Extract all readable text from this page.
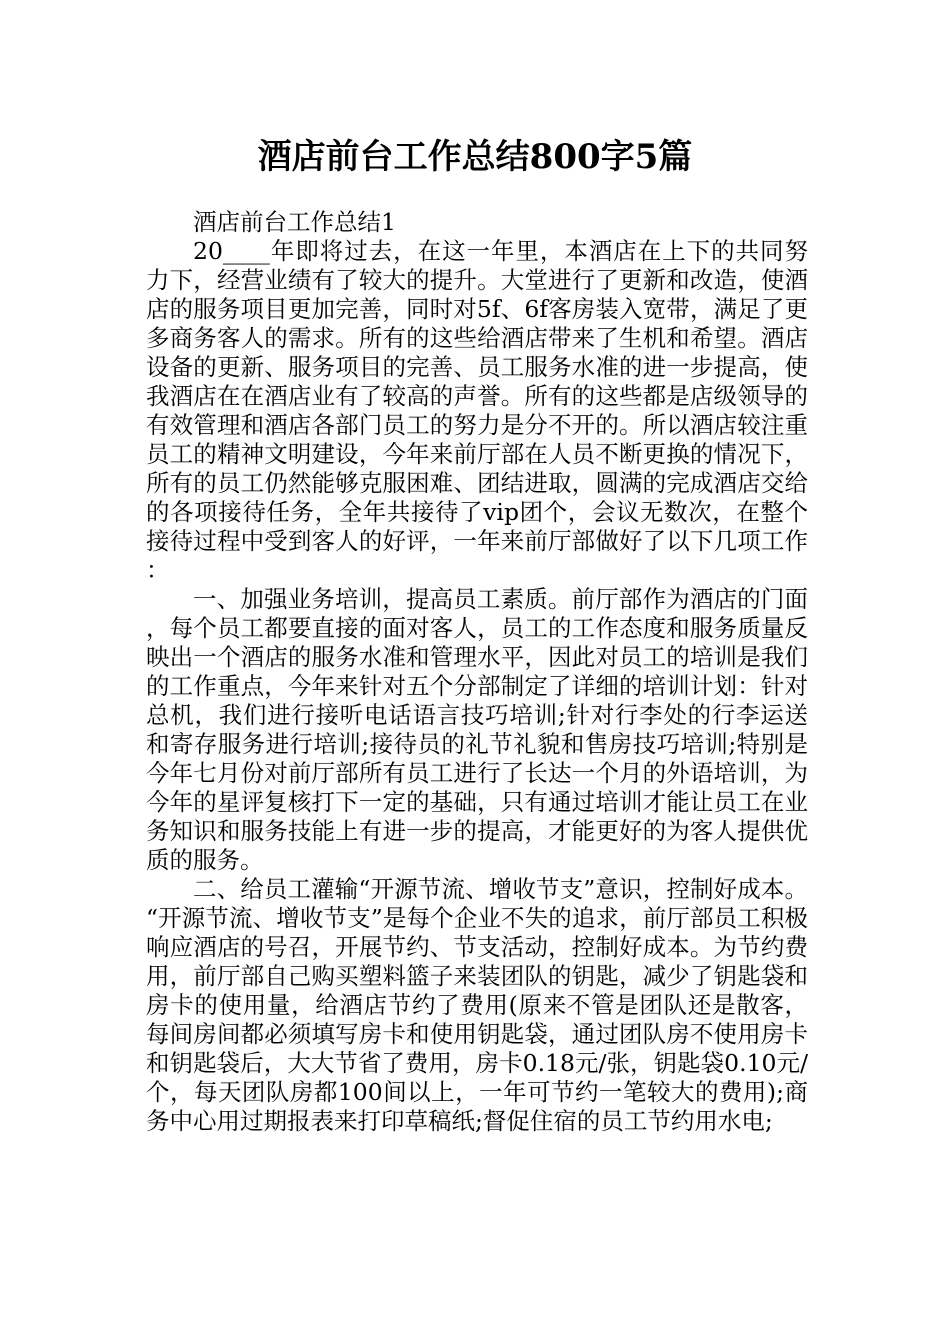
酒店前台工作总结800字5篇

酒店前台工作总结1

20____年即将过去，在这一年里，本酒店在上下的共同努力下，经营业绩有了较大的提升。大堂进行了更新和改造，使酒店的服务项目更加完善，同时对5f、6f客房装入宽带，满足了更多商务客人的需求。所有的这些给酒店带来了生机和希望。酒店设备的更新、服务项目的完善、员工服务水准的进一步提高，使我酒店在在酒店业有了较高的声誉。所有的这些都是店级领导的有效管理和酒店各部门员工的努力是分不开的。所以酒店较注重员工的精神文明建设，今年来前厅部在人员不断更换的情况下，所有的员工仍然能够克服困难、团结进取，圆满的完成酒店交给的各项接待任务，全年共接待了vip团个，会议无数次，在整个接待过程中受到客人的好评，一年来前厅部做好了以下几项工作：

一、加强业务培训，提高员工素质。前厅部作为酒店的门面，每个员工都要直接的面对客人，员工的工作态度和服务质量反映出一个酒店的服务水准和管理水平，因此对员工的培训是我们的工作重点，今年来针对五个分部制定了详细的培训计划：针对总机，我们进行接听电话语言技巧培训;针对行李处的行李运送和寄存服务进行培训;接待员的礼节礼貌和售房技巧培训;特别是今年七月份对前厅部所有员工进行了长达一个月的外语培训，为今年的星评复核打下一定的基础，只有通过培训才能让员工在业务知识和服务技能上有进一步的提高，才能更好的为客人提供优质的服务。

二、给员工灌输“开源节流、增收节支”意识，控制好成本。“开源节流、增收节支”是每个企业不失的追求，前厅部员工积极响应酒店的号召，开展节约、节支活动，控制好成本。为节约费用，前厅部自己购买塑料篮子来装团队的钥匙，减少了钥匙袋和房卡的使用量，给酒店节约了费用(原来不管是团队还是散客，每间房间都必须填写房卡和使用钥匙袋，通过团队房不使用房卡和钥匙袋后，大大节省了费用，房卡0.18元/张，钥匙袋0.10元/个，每天团队房都100间以上，一年可节约一笔较大的费用);商务中心用过期报表来打印草稿纸;督促住宿的员工节约用水电;
